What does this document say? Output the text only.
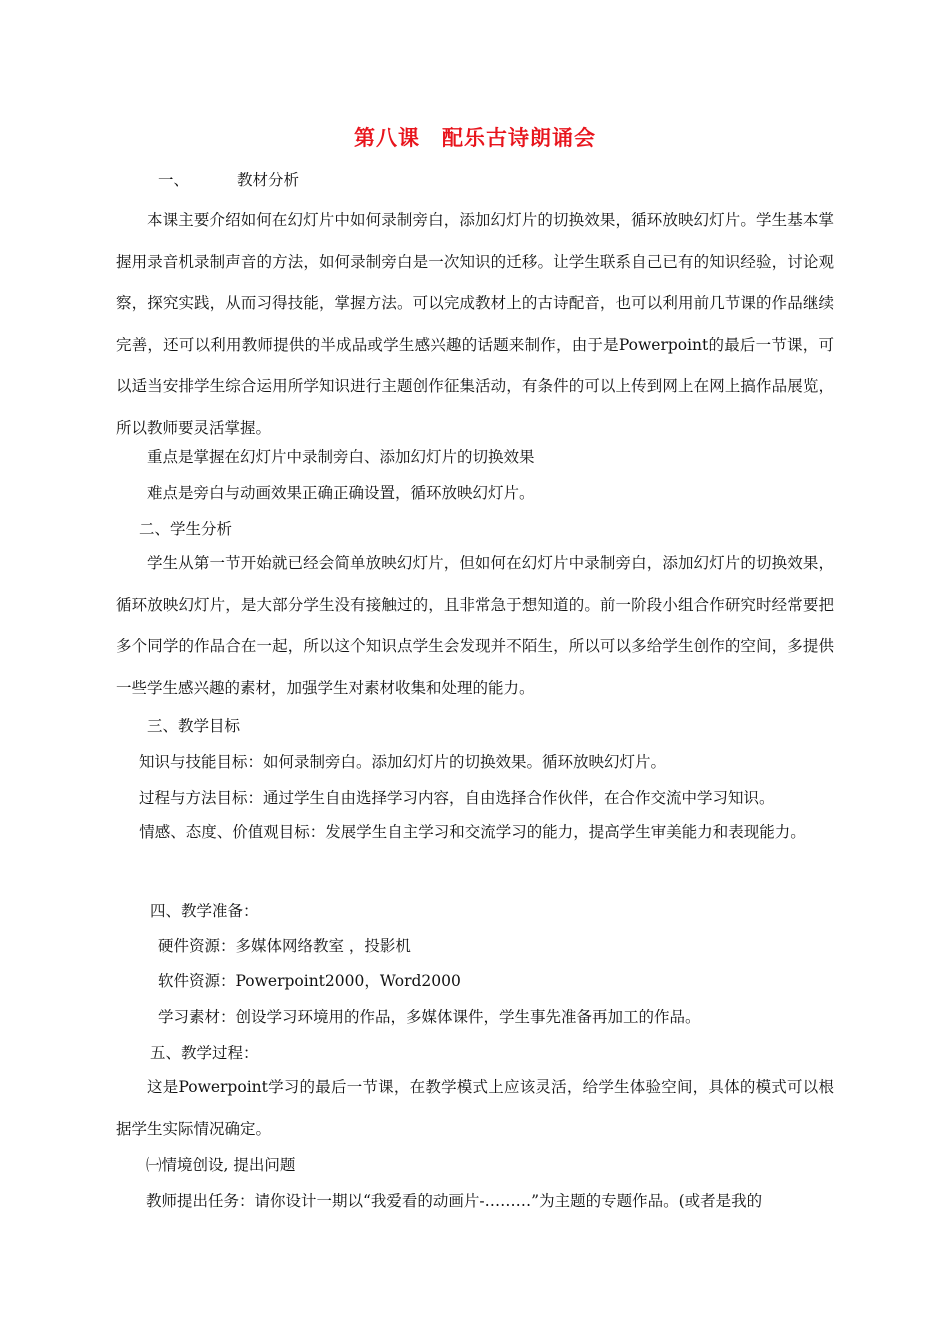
第八课　配乐古诗朗诵会
一、	教材分析

本课主要介绍如何在幻灯片中如何录制旁白，添加幻灯片的切换效果，循环放映幻灯片。学生基本掌握用录音机录制声音的方法，如何录制旁白是一次知识的迁移。让学生联系自己已有的知识经验，讨论观察，探究实践，从而习得技能，掌握方法。可以完成教材上的古诗配音，也可以利用前几节课的作品继续完善，还可以利用教师提供的半成品或学生感兴趣的话题来制作，由于是Powerpoint的最后一节课，可以适当安排学生综合运用所学知识进行主题创作征集活动，有条件的可以上传到网上在网上搞作品展览，所以教师要灵活掌握。

重点是掌握在幻灯片中录制旁白、添加幻灯片的切换效果
难点是旁白与动画效果正确正确设置，循环放映幻灯片。
二、学生分析

学生从第一节开始就已经会简单放映幻灯片，但如何在幻灯片中录制旁白，添加幻灯片的切换效果，循环放映幻灯片，是大部分学生没有接触过的，且非常急于想知道的。前一阶段小组合作研究时经常要把多个同学的作品合在一起，所以这个知识点学生会发现并不陌生，所以可以多给学生创作的空间，多提供一些学生感兴趣的素材，加强学生对素材收集和处理的能力。

三、教学目标
知识与技能目标：如何录制旁白。添加幻灯片的切换效果。循环放映幻灯片。
过程与方法目标：通过学生自由选择学习内容，自由选择合作伙伴，在合作交流中学习知识。

情感、态度、价值观目标：发展学生自主学习和交流学习的能力，提高学生审美能力和表现能力。

四、教学准备：
硬件资源：多媒体网络教室 ，投影机
软件资源：Powerpoint2000，Word2000
学习素材：创设学习环境用的作品，多媒体课件，学生事先准备再加工的作品。
五、教学过程：

这是Powerpoint学习的最后一节课，在教学模式上应该灵活，给学生体验空间，具体的模式可以根据学生实际情况确定。

㈠情境创设, 提出问题
教师提出任务：请你设计一期以“我爱看的动画片-………”为主题的专题作品。(或者是我的
